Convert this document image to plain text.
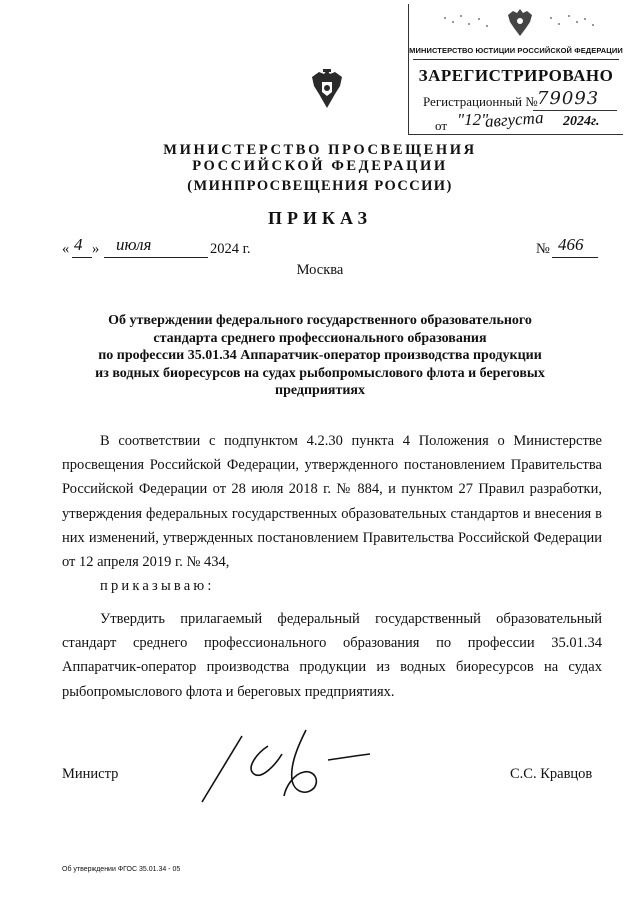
МИНИСТЕРСТВО ЮСТИЦИИ РОССИЙСКОЙ ФЕДЕРАЦИИ
ЗАРЕГИСТРИРОВАНО
Регистрационный № 79093
от "12"
августа 2024г.
МИНИСТЕРСТВО ПРОСВЕЩЕНИЯ
РОССИЙСКОЙ ФЕДЕРАЦИИ
(МИНПРОСВЕЩЕНИЯ РОССИИ)
ПРИКАЗ
« 4 » июля	2024 г.	№ 466
Москва
Об утверждении федерального государственного образовательного
стандарта среднего профессионального образования
по профессии 35.01.34 Аппаратчик-оператор производства продукции
из водных биоресурсов на судах рыбопромыслового флота и береговых
предприятиях
В соответствии с подпунктом 4.2.30 пункта 4 Положения о Министерстве просвещения Российской Федерации, утвержденного постановлением Правительства Российской Федерации от 28 июля 2018 г. № 884, и пунктом 27 Правил разработки, утверждения федеральных государственных образовательных стандартов и внесения в них изменений, утвержденных постановлением Правительства Российской Федерации от 12 апреля 2019 г. № 434,
приказываю:
Утвердить прилагаемый федеральный государственный образовательный стандарт среднего профессионального образования по профессии 35.01.34 Аппаратчик-оператор производства продукции из водных биоресурсов на судах рыбопромыслового флота и береговых предприятиях.
Министр	С.С. Кравцов
Об утверждении ФГОС 35.01.34 - 05
